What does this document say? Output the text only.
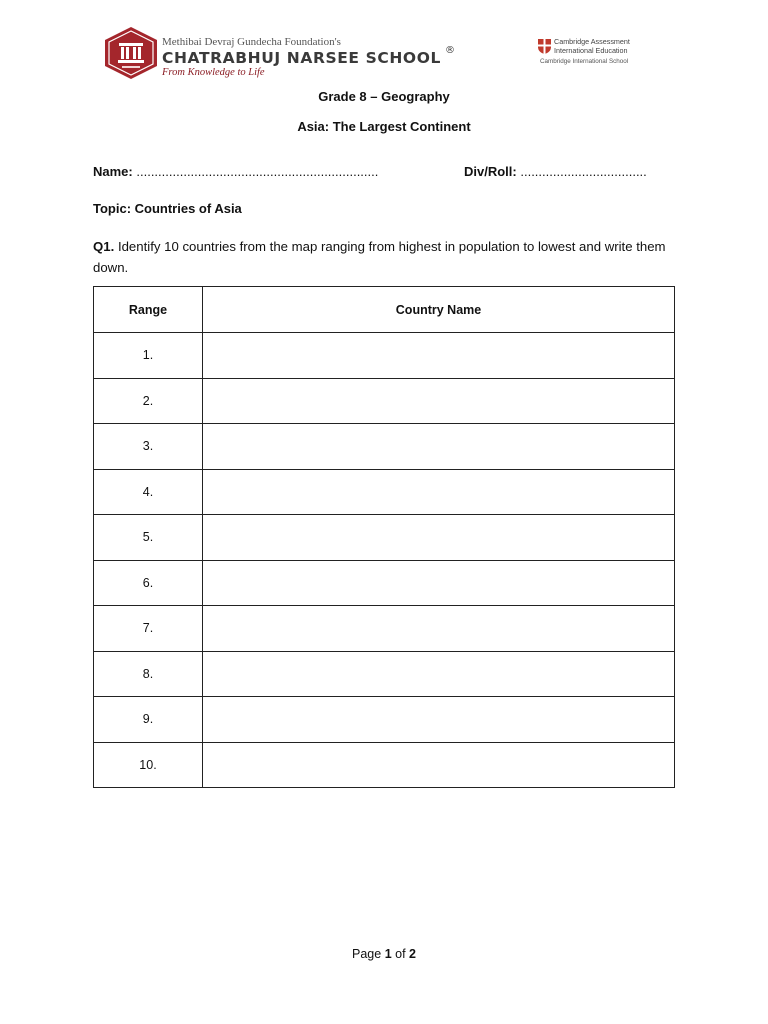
Methibai Devraj Gundecha Foundation's
CHATRABHUJ NARSEE SCHOOL ®
From Knowledge to Life
Cambridge Assessment
International Education
Cambridge International School
Grade 8 – Geography
Asia: The Largest Continent
Name: ...................................................................	Div/Roll: ...................................
Topic: Countries of Asia
Q1. Identify 10 countries from the map ranging from highest in population to lowest and write them down.
Range	Country Name
1.	
2.	
3.	
4.	
5.	
6.	
7.	
8.	
9.	
10.	
Page 1 of 2
